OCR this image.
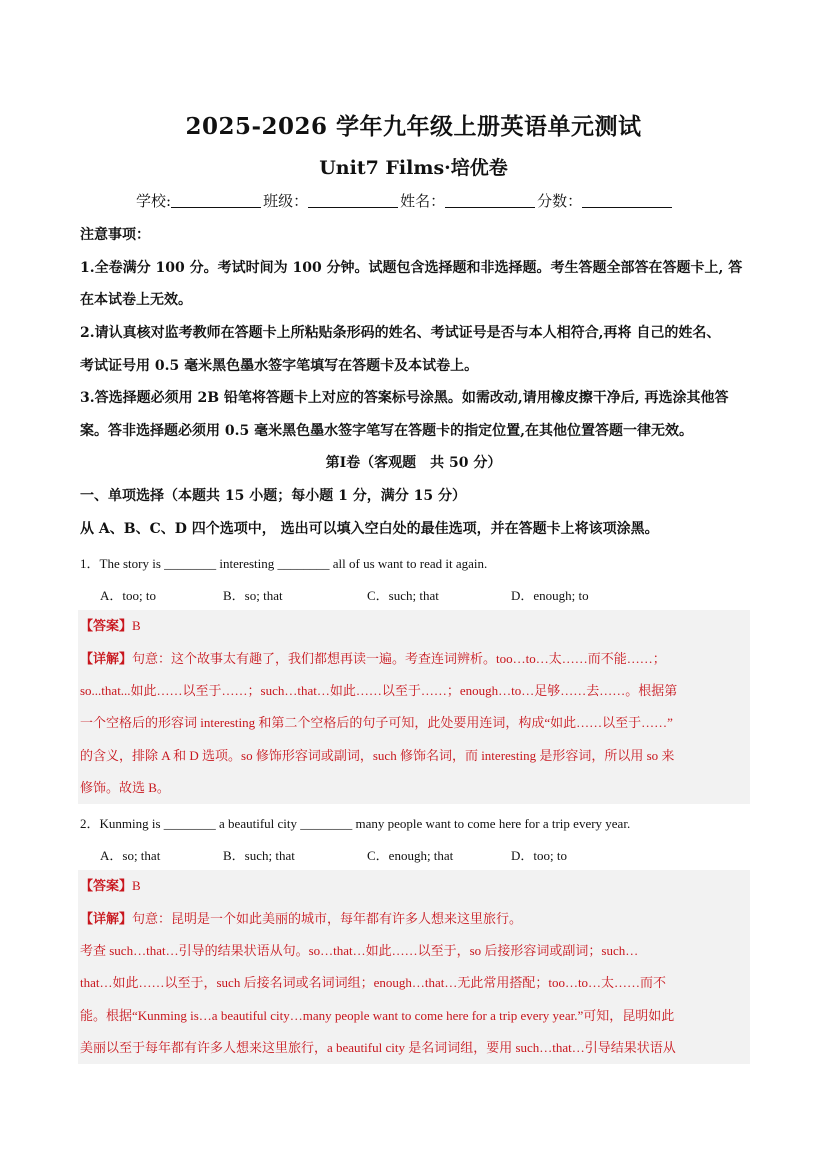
2025-2026 学年九年级上册英语单元测试
Unit7 Films·培优卷
学校:	班级：	姓名：	分数：
注意事项：
1.全卷满分 100 分。考试时间为 100 分钟。试题包含选择题和非选择题。考生答题全部答在答题卡上, 答
在本试卷上无效。
2.请认真核对监考教师在答题卡上所粘贴条形码的姓名、考试证号是否与本人相符合,再将 自己的姓名、
考试证号用 0.5 毫米黑色墨水签字笔填写在答题卡及本试卷上。
3.答选择题必须用 2B 铅笔将答题卡上对应的答案标号涂黑。如需改动,请用橡皮擦干净后, 再选涂其他答
案。答非选择题必须用 0.5 毫米黑色墨水签字笔写在答题卡的指定位置,在其他位置答题一律无效。
第Ⅰ卷（客观题　共 50 分）
一、单项选择（本题共 15 小题；每小题 1 分，满分 15 分）
从 A、B、C、D 四个选项中， 选出可以填入空白处的最佳选项，并在答题卡上将该项涂黑。
1．The story is ________ interesting ________ all of us want to read it again.
A．too; to	B．so; that	C．such; that	D．enough; to
【答案】B
【详解】句意：这个故事太有趣了，我们都想再读一遍。考查连词辨析。too…to…太……而不能……；
so...that...如此……以至于……；such…that…如此……以至于……；enough…to…足够……去……。根据第
一个空格后的形容词 interesting 和第二个空格后的句子可知，此处要用连词，构成“如此……以至于……”
的含义，排除 A 和 D 选项。so 修饰形容词或副词，such 修饰名词，而 interesting 是形容词，所以用 so 来
修饰。故选 B。
2．Kunming is ________ a beautiful city ________ many people want to come here for a trip every year.
A．so; that	B．such; that	C．enough; that	D．too; to
【答案】B
【详解】句意：昆明是一个如此美丽的城市，每年都有许多人想来这里旅行。
考查 such…that…引导的结果状语从句。so…that…如此……以至于，so 后接形容词或副词；such…
that…如此……以至于，such 后接名词或名词词组；enough…that…无此常用搭配；too…to…太……而不
能。根据“Kunming is…a beautiful city…many people want to come here for a trip every year.”可知，昆明如此
美丽以至于每年都有许多人想来这里旅行，a beautiful city 是名词词组，要用 such…that…引导结果状语从
